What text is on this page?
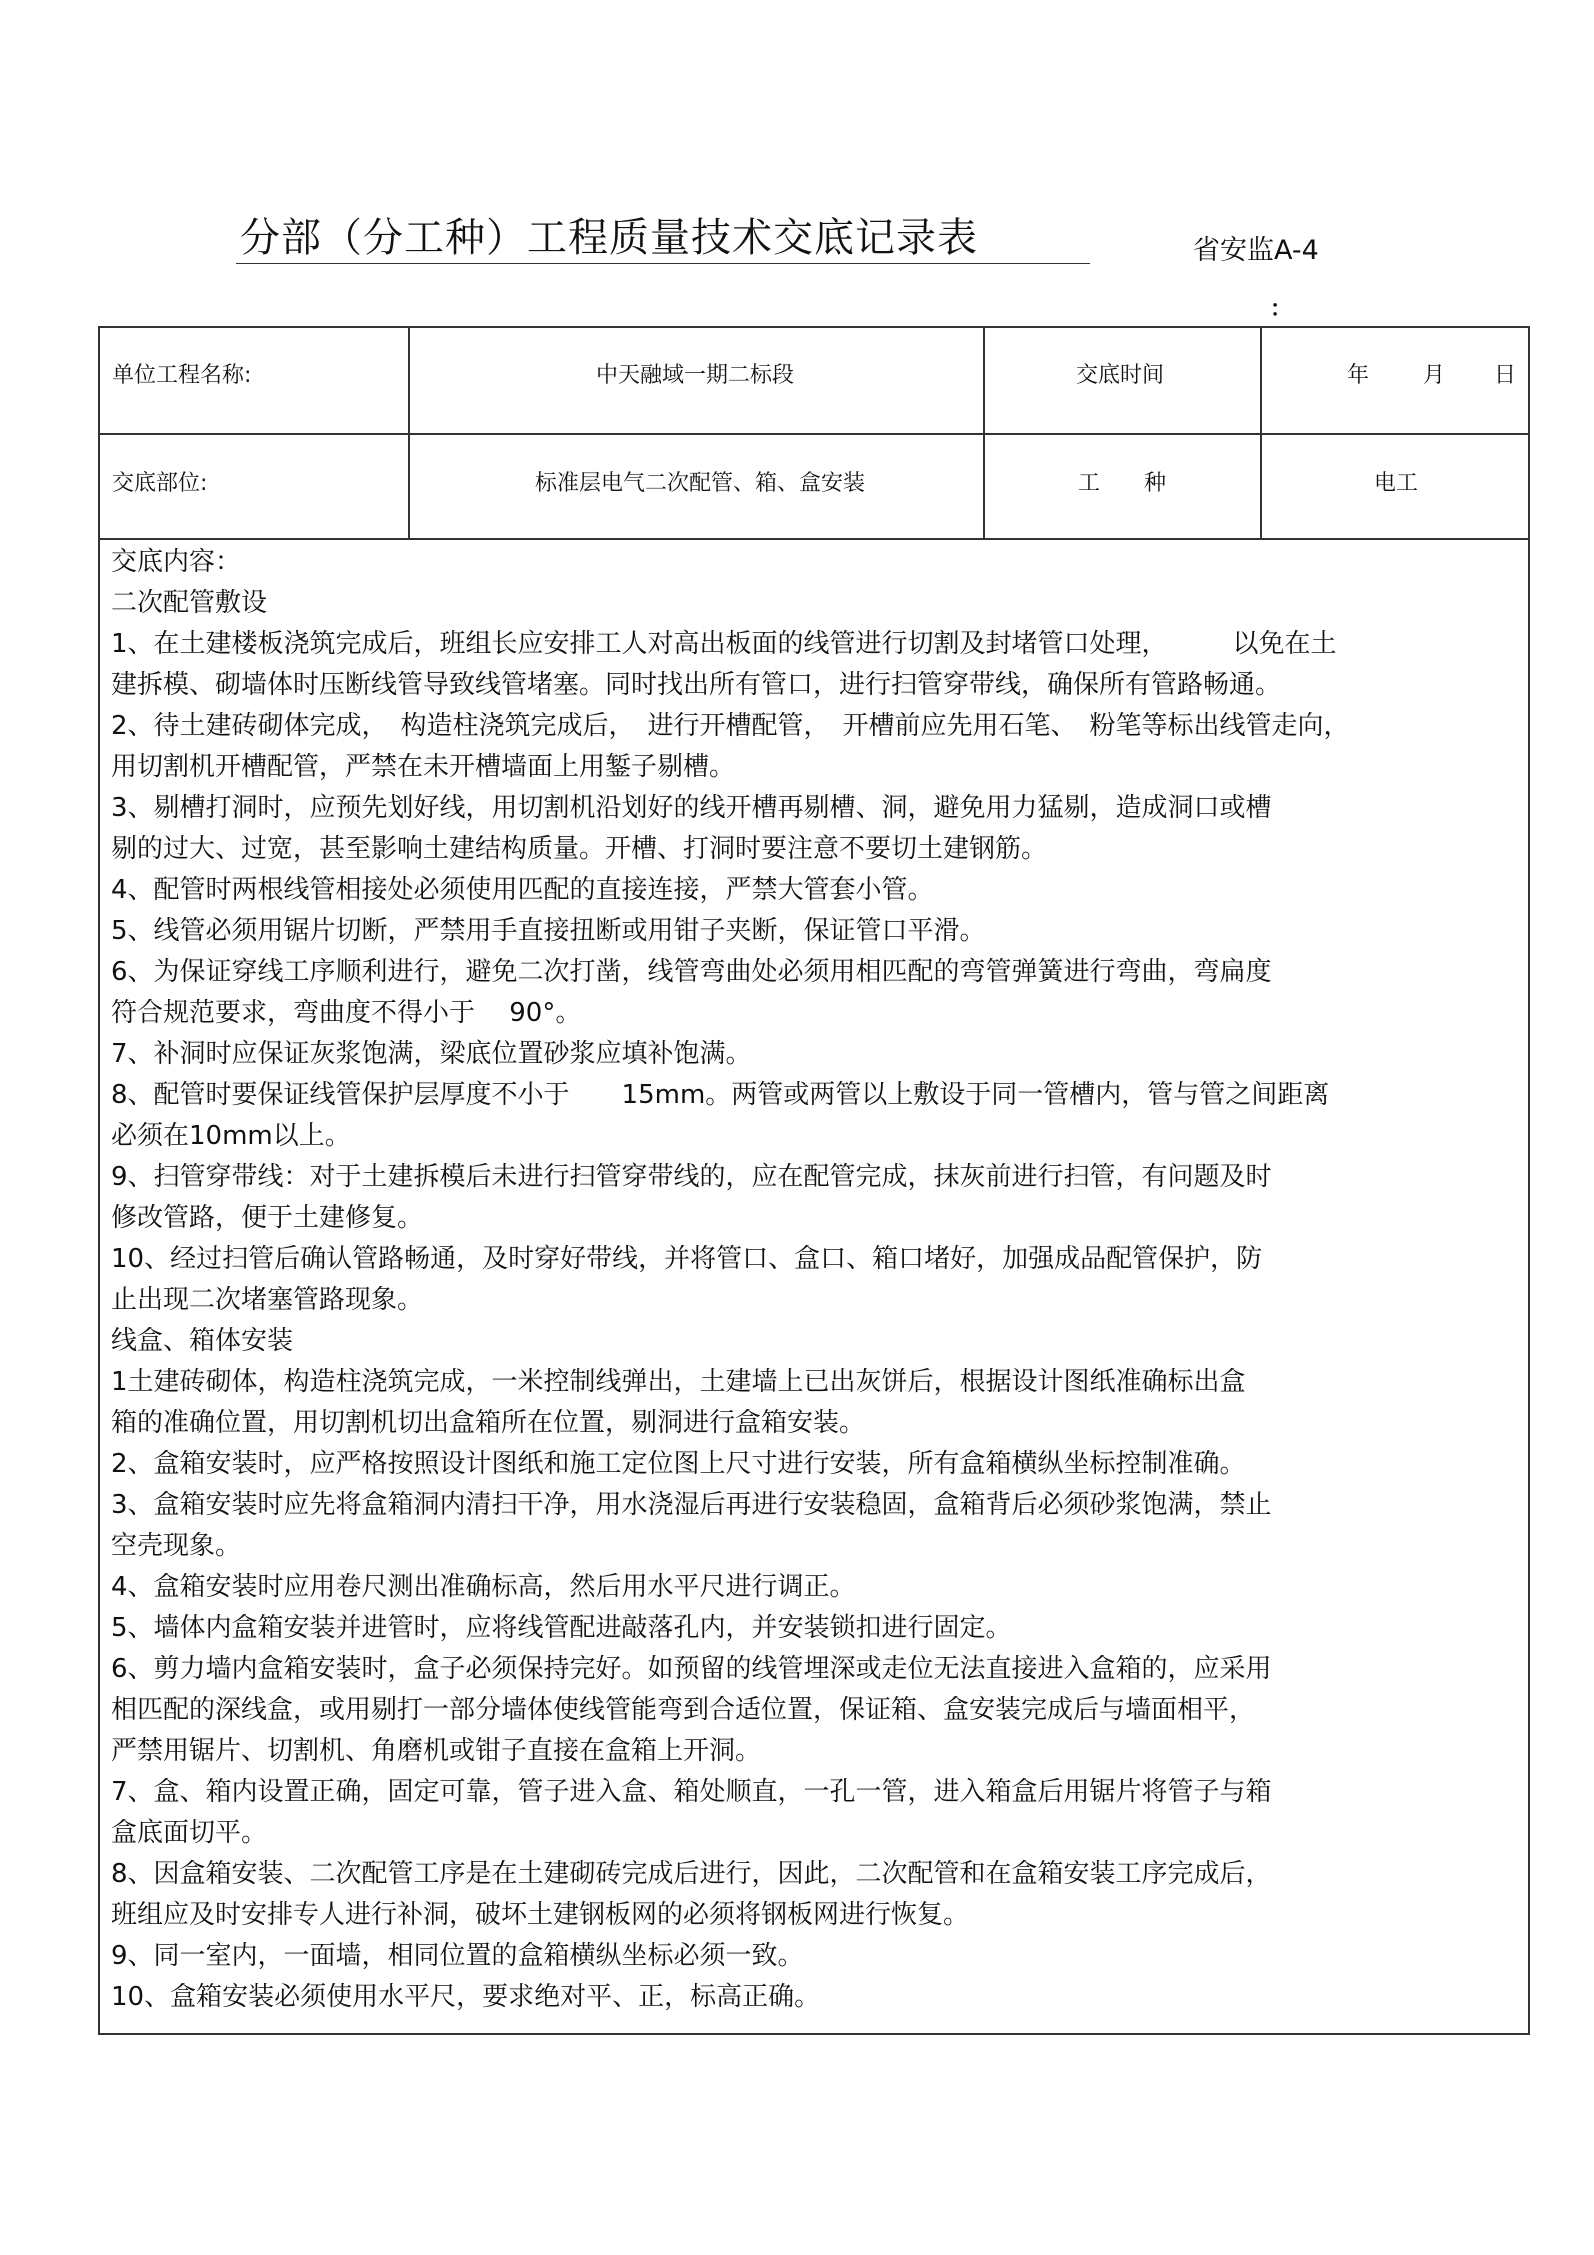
分部（分工种）工程质量技术交底记录表	省安监A-4
：
单位工程名称:	中天融域一期二标段	交底时间	年 月 日
交底部位:	标准层电气二次配管、箱、盒安装	工　　种	电工
交底内容：
二次配管敷设
1、在土建楼板浇筑完成后，班组长应安排工人对高出板面的线管进行切割及封堵管口处理，　　　以免在土
建拆模、砌墙体时压断线管导致线管堵塞。同时找出所有管口，进行扫管穿带线，确保所有管路畅通。
2、待土建砖砌体完成，　构造柱浇筑完成后，　进行开槽配管，　开槽前应先用石笔、　粉笔等标出线管走向，
用切割机开槽配管，严禁在未开槽墙面上用錾子剔槽。
3、剔槽打洞时，应预先划好线，用切割机沿划好的线开槽再剔槽、洞，避免用力猛剔，造成洞口或槽
剔的过大、过宽，甚至影响土建结构质量。开槽、打洞时要注意不要切土建钢筋。
4、配管时两根线管相接处必须使用匹配的直接连接，严禁大管套小管。
5、线管必须用锯片切断，严禁用手直接扭断或用钳子夹断，保证管口平滑。
6、为保证穿线工序顺利进行，避免二次打凿，线管弯曲处必须用相匹配的弯管弹簧进行弯曲，弯扁度
符合规范要求，弯曲度不得小于　 90°。
7、补洞时应保证灰浆饱满，梁底位置砂浆应填补饱满。
8、配管时要保证线管保护层厚度不小于　　15mm。两管或两管以上敷设于同一管槽内，管与管之间距离
必须在10mm以上。
9、扫管穿带线：对于土建拆模后未进行扫管穿带线的，应在配管完成，抹灰前进行扫管，有问题及时
修改管路，便于土建修复。
10、经过扫管后确认管路畅通，及时穿好带线，并将管口、盒口、箱口堵好，加强成品配管保护，防
止出现二次堵塞管路现象。
线盒、箱体安装
1土建砖砌体，构造柱浇筑完成，一米控制线弹出，土建墙上已出灰饼后，根据设计图纸准确标出盒
箱的准确位置，用切割机切出盒箱所在位置，剔洞进行盒箱安装。
2、盒箱安装时，应严格按照设计图纸和施工定位图上尺寸进行安装，所有盒箱横纵坐标控制准确。
3、盒箱安装时应先将盒箱洞内清扫干净，用水浇湿后再进行安装稳固，盒箱背后必须砂浆饱满，禁止
空壳现象。
4、盒箱安装时应用卷尺测出准确标高，然后用水平尺进行调正。
5、墙体内盒箱安装并进管时，应将线管配进敲落孔内，并安装锁扣进行固定。
6、剪力墙内盒箱安装时，盒子必须保持完好。如预留的线管埋深或走位无法直接进入盒箱的，应采用
相匹配的深线盒，或用剔打一部分墙体使线管能弯到合适位置，保证箱、盒安装完成后与墙面相平，
严禁用锯片、切割机、角磨机或钳子直接在盒箱上开洞。
7、盒、箱内设置正确，固定可靠，管子进入盒、箱处顺直，一孔一管，进入箱盒后用锯片将管子与箱
盒底面切平。
8、因盒箱安装、二次配管工序是在土建砌砖完成后进行，因此，二次配管和在盒箱安装工序完成后，
班组应及时安排专人进行补洞，破坏土建钢板网的必须将钢板网进行恢复。
9、同一室内，一面墙，相同位置的盒箱横纵坐标必须一致。
10、盒箱安装必须使用水平尺，要求绝对平、正，标高正确。
